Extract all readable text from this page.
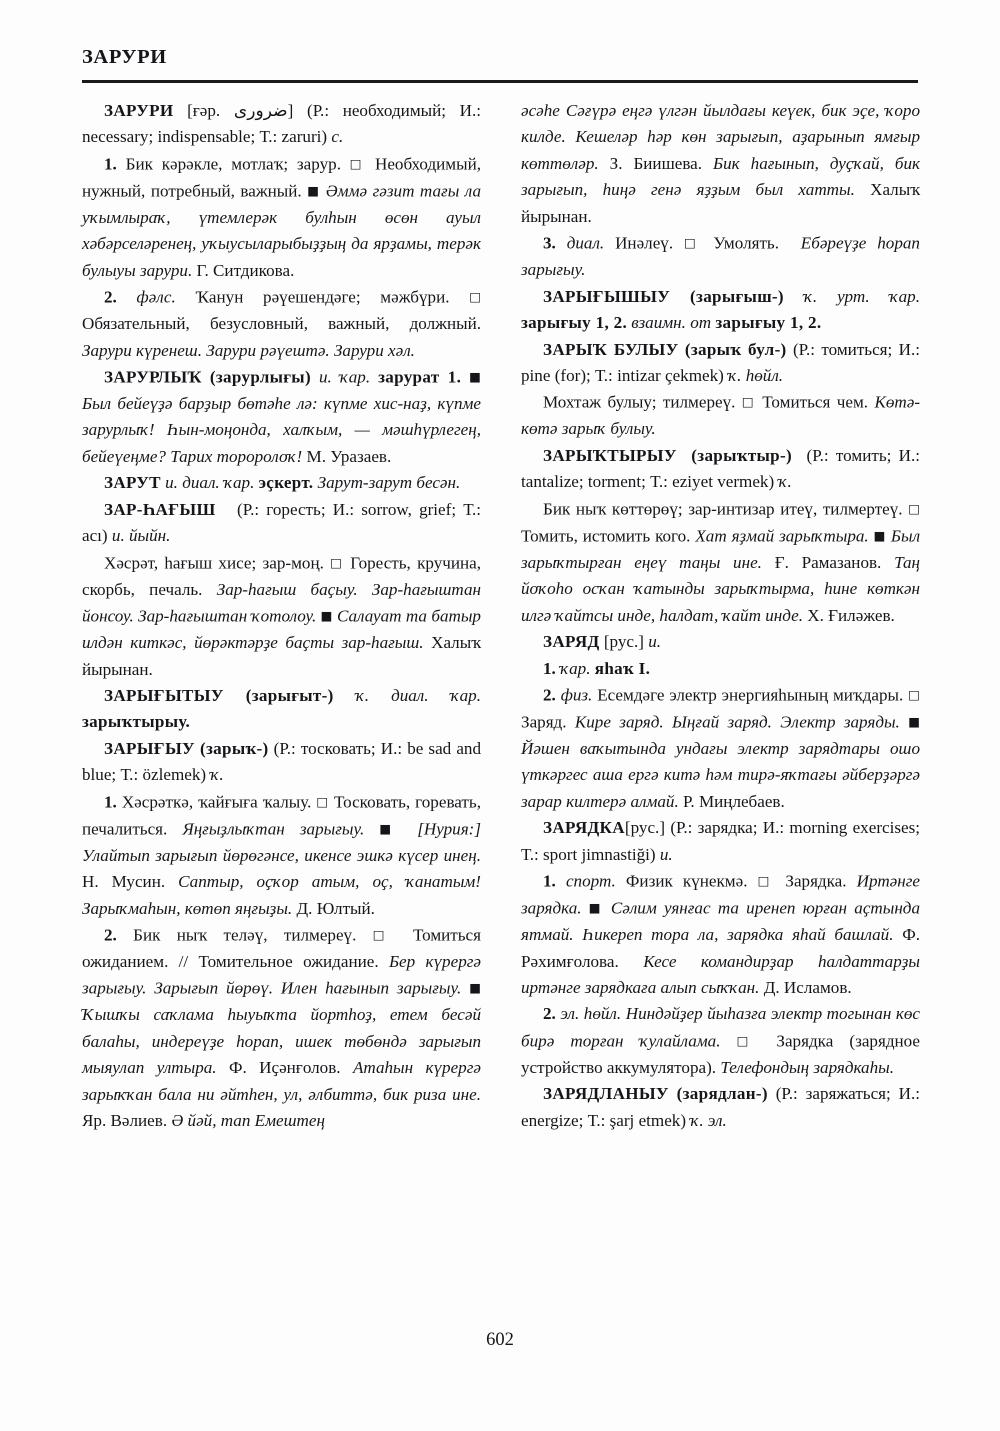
ЗАРУРИ

ЗАРУРИ [ғәр. ضرورى] (Р.: необходимый; И.: necessary; indispensable; Т.: zaruri) с.

1. Бик кәрәкле, мотлаҡ; зарур. □ Необходимый, нужный, потребный, важный. ■ Әммә гәзит тағы ла уҡымлыраҡ, үтемлерәк булһын өсөн ауыл хәбәрселәренең, уҡыусыларыбыҙҙың да ярҙамы, терәк булыуы зарури. Г. Ситдикова.

2. фәлс. Ҡанун рәүешендәге; мәжбүри. □ Обязательный, безусловный, важный, должный. Зарури күренеш. Зарури рәүештә. Зарури хәл.

ЗАРУРЛЫҠ (зарурлығы) и. ҡар. зарурат 1. ■ Был бейеүҙә барҙыр бөтәһе лә: күпме хис-наҙ, күпме зарурлыҡ! Һын-моңонда, халҡым, — мәшһүрлегең, бейеүеңме? Тарих тороролоҡ! М. Уразаев.

ЗАРУТ и. диал. ҡар. эҫкерт. Зарут-зарут бесән.

ЗАР-ҺАҒЫШ (Р.: горесть; И.: sorrow, grief; Т.: acı) и. йыйн.

Хәсрәт, һағыш хисе; зар-моң. □ Горесть, кручина, скорбь, печаль. Зар-һағыш баҫыу. Зар-һағыштан йонсоу. Зар-һағыштан ҡотолоу. ■ Салауат та батыр илдән киткәс, йөрәктәрҙе баҫты зар-һағыш. Халыҡ йырынан.

ЗАРЫҒЫТЫУ (зарығыт-) ҡ. диал. ҡар. зарыҡтырыу.

ЗАРЫҒЫУ (зарыҡ-) (Р.: тосковать; И.: be sad and blue; Т.: özlemek) ҡ.

1. Хәсрәткә, ҡайғыға ҡалыу. □ Тосковать, горевать, печалиться. Яңғыҙлыҡтан зарығыу. ■	[Нурия:] Улайтып зарығып йөрөгәнсе, икенсе эшкә күсер инең. Н. Мусин. Саптыр, оҫҡор атым, оҫ, ҡанатым! Зарыҡмаһын, көтөп яңғыҙы. Д. Юлтый.

2. Бик ныҡ теләү, тилмереү. □	Томиться ожиданием. // Томительное ожидание. Бер күрергә зарығыу. Зарығып йөрөү. Илен һағынып зарығыу. ■ Ҡышҡы саҡлама һыуыҡта йортһоҙ, етем бесәй балаһы, индереүҙе һорап, ишек төбөндә зарығып мыяулап ултыра. Ф. Иҫәнғолов. Атаһын күрергә зарыҡҡан бала ни әйтһен, ул, әлбиттә, бик риза ине. Яр. Вәлиев. Ә йәй, тап Емештең

әсәһе Сәғүрә еңгә үлгән йылдағы кеүек, бик эҫе, ҡоро килде. Кешеләр һәр көн зарығып, аҙарынып ямғыр көттөләр. З. Биишева. Бик һағынып, дуҫҡай, бик зарығып, һиңә генә яҙҙым был хатты. Халыҡ йырынан.

3. диал. Инәлеү. □ Умолять. Ебәреүҙе һорап зарығыу.

ЗАРЫҒЫШЫУ (зарығыш-) ҡ. урт. ҡар. зарығыу 1, 2. взаимн. от зарығыу 1, 2.

ЗАРЫҠ БУЛЫУ (зарыҡ бул-) (Р.: томиться; И.: pine (for); Т.: intizar çekmek) ҡ. һөйл.

Мохтаж булыу; тилмереү. □ Томиться чем. Көтә-көтә зарыҡ булыу.

ЗАРЫҠТЫРЫУ (зарыҡтыр-) (Р.: томить; И.: tantalize; torment; Т.: eziyet vermek) ҡ.

Бик ныҡ көттөрөү; зар-интизар итеү, тилмертеү. □ Томить, истомить кого. Хат яҙмай зарыҡтыра. ■ Был зарыҡтырған еңеү таңы ине. Ғ. Рамазанов. Таң йоҡоһо осҡан ҡатынды зарыҡтырма, һине көткән илгә ҡайтсы инде, һалдат, ҡайт инде. Х. Ғиләжев.

ЗАРЯД [рус.] и.

1. ҡар. яһаҡ I.

2. физ. Есемдәге электр энергияһының миҡдары. □ Заряд. Кире заряд. Ыңғай заряд. Электр заряды. ■ Йәшен ваҡытында ундағы электр зарядтары ошо үткәргес аша ергә китә һәм тирә-яҡтағы әйберҙәргә зарар килтерә алмай. Р. Миңлебаев.

ЗАРЯДКА[рус.] (Р.: зарядка; И.: morning exercises; Т.: sport jimnastiği) и.

1. спорт. Физик күнекмә. □ Зарядка. Иртәнге зарядка. ■ Сәлим уянғас та иренеп юрған аҫтында ятмай. Һикереп тора ла, зарядка яһай башлай. Ф. Рәхимғолова. Кесе командирҙар һалдаттарҙы иртәнге зарядкаға алып сыҡҡан. Д. Исламов.

2. эл. һөйл. Ниндәйҙер йыһазға электр тогынан көс бирә торған ҡулайлама. □	Зарядка (зарядное устройство аккумулятора). Телефондың зарядкаһы.

ЗАРЯДЛАНЫУ (зарядлан-) (Р.: заряжаться; И.: energize; Т.: şarj etmek) ҡ. эл.

602
